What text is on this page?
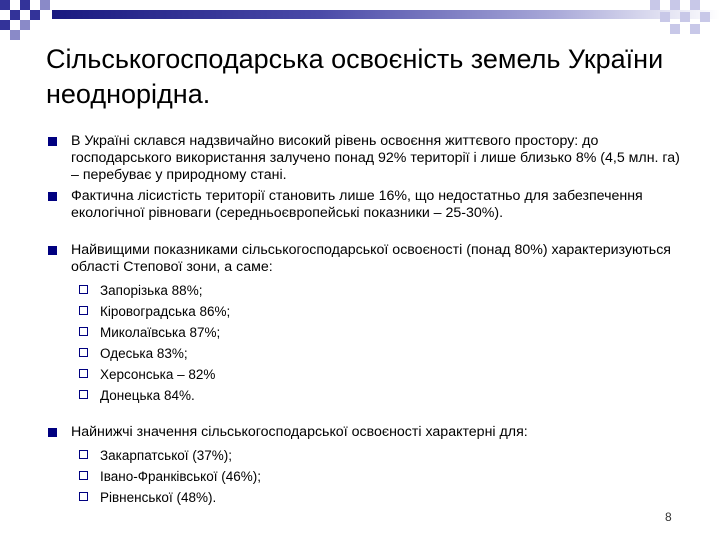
Сільськогосподарська освоєність земель України неоднорідна.
В Україні склався надзвичайно високий рівень освоєння життєвого простору: до господарського використання залучено понад 92% території і лише близько 8% (4,5 млн. га) – перебуває у природному стані.
Фактична лісистість території становить лише 16%, що недостатньо для забезпечення екологічної рівноваги (середньоєвропейські показники – 25-30%).
Найвищими показниками сільськогосподарської освоєності (понад 80%) характеризуються області Степової зони, а саме:
Запорізька 88%;
Кіровоградська 86%;
Миколаївська 87%;
Одеська 83%;
Херсонська – 82%
Донецька 84%.
Найнижчі значення сільськогосподарської освоєності характерні для:
Закарпатської (37%);
Івано-Франківської (46%);
Рівненської (48%).
8
